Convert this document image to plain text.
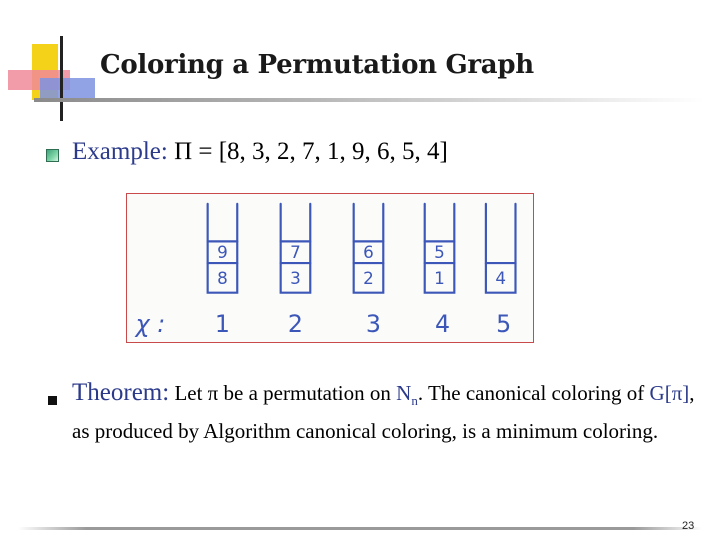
Coloring a Permutation Graph
Example: Π = [8, 3, 2, 7, 1, 9, 6, 5, 4]
9
8
7
3
6
2
5
1	4
χ : 1 2	3 4 5
Theorem: Let π be a permutation on $N_n$. The canonical coloring of G[π], as produced by Algorithm canonical coloring, is a minimum coloring.
23
